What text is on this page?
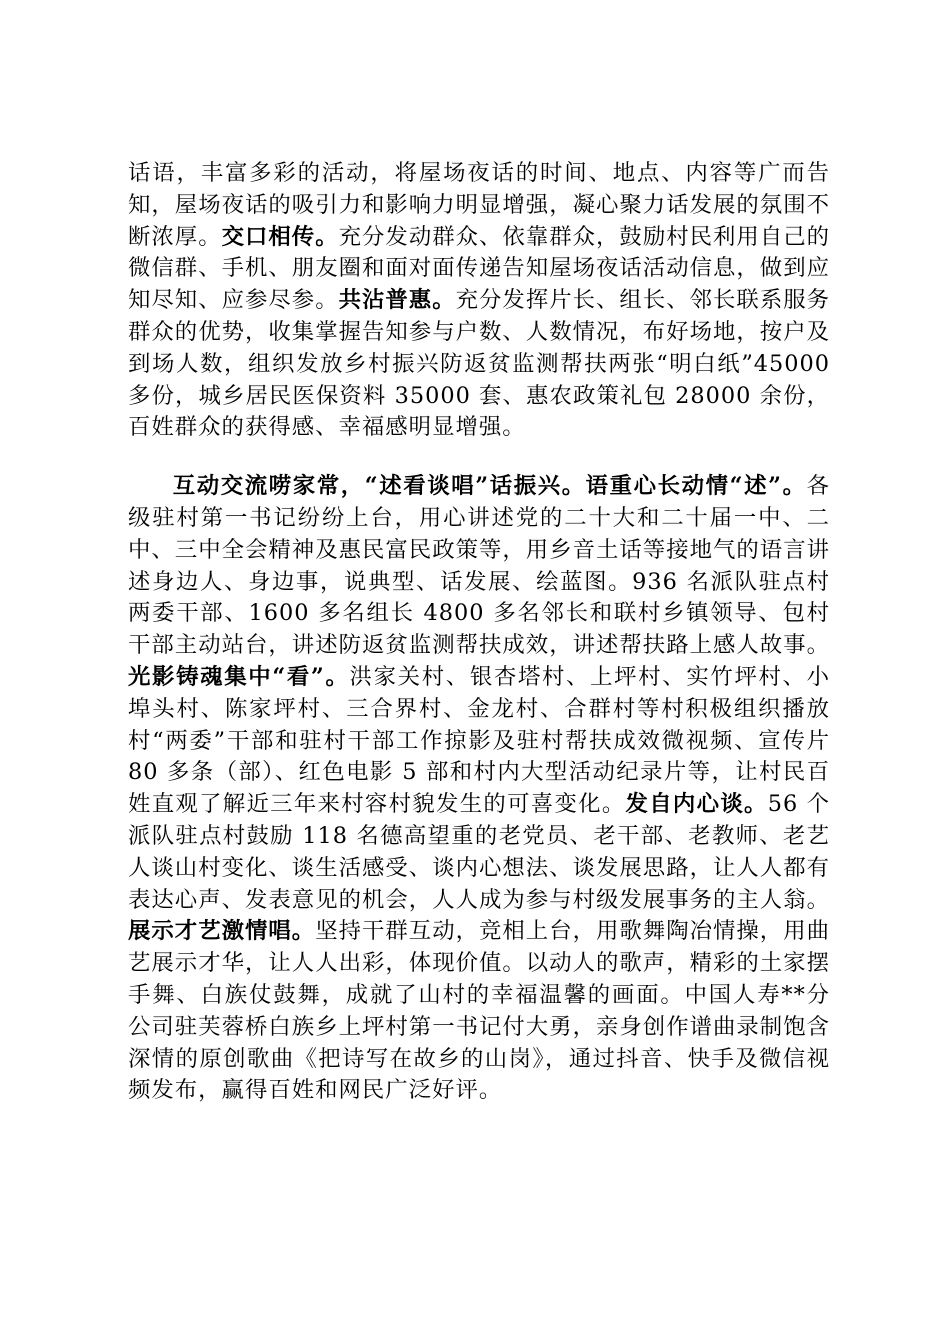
话语，丰富多彩的活动，将屋场夜话的时间、地点、内容等广而告知，屋场夜话的吸引力和影响力明显增强，凝心聚力话发展的氛围不断浓厚。交口相传。充分发动群众、依靠群众，鼓励村民利用自己的微信群、手机、朋友圈和面对面传递告知屋场夜话活动信息，做到应知尽知、应参尽参。共沾普惠。充分发挥片长、组长、邻长联系服务群众的优势，收集掌握告知参与户数、人数情况，布好场地，按户及到场人数，组织发放乡村振兴防返贫监测帮扶两张“明白纸”45000 多份，城乡居民医保资料 35000 套、惠农政策礼包 28000 余份，百姓群众的获得感、幸福感明显增强。

互动交流唠家常，“述看谈唱”话振兴。语重心长动情“述”。各级驻村第一书记纷纷上台，用心讲述党的二十大和二十届一中、二中、三中全会精神及惠民富民政策等，用乡音土话等接地气的语言讲述身边人、身边事，说典型、话发展、绘蓝图。936 名派队驻点村两委干部、1600 多名组长 4800 多名邻长和联村乡镇领导、包村干部主动站台，讲述防返贫监测帮扶成效，讲述帮扶路上感人故事。光影铸魂集中“看”。洪家关村、银杏塔村、上坪村、实竹坪村、小埠头村、陈家坪村、三合界村、金龙村、合群村等村积极组织播放村“两委”干部和驻村干部工作掠影及驻村帮扶成效微视频、宣传片 80 多条（部）、红色电影 5 部和村内大型活动纪录片等，让村民百姓直观了解近三年来村容村貌发生的可喜变化。发自内心谈。56 个派队驻点村鼓励 118 名德高望重的老党员、老干部、老教师、老艺人谈山村变化、谈生活感受、谈内心想法、谈发展思路，让人人都有表达心声、发表意见的机会，人人成为参与村级发展事务的主人翁。展示才艺激情唱。坚持干群互动，竞相上台，用歌舞陶冶情操，用曲艺展示才华，让人人出彩，体现价值。以动人的歌声，精彩的土家摆手舞、白族仗鼓舞，成就了山村的幸福温馨的画面。中国人寿**分公司驻芙蓉桥白族乡上坪村第一书记付大勇，亲身创作谱曲录制饱含深情的原创歌曲《把诗写在故乡的山岗》，通过抖音、快手及微信视频发布，赢得百姓和网民广泛好评。
